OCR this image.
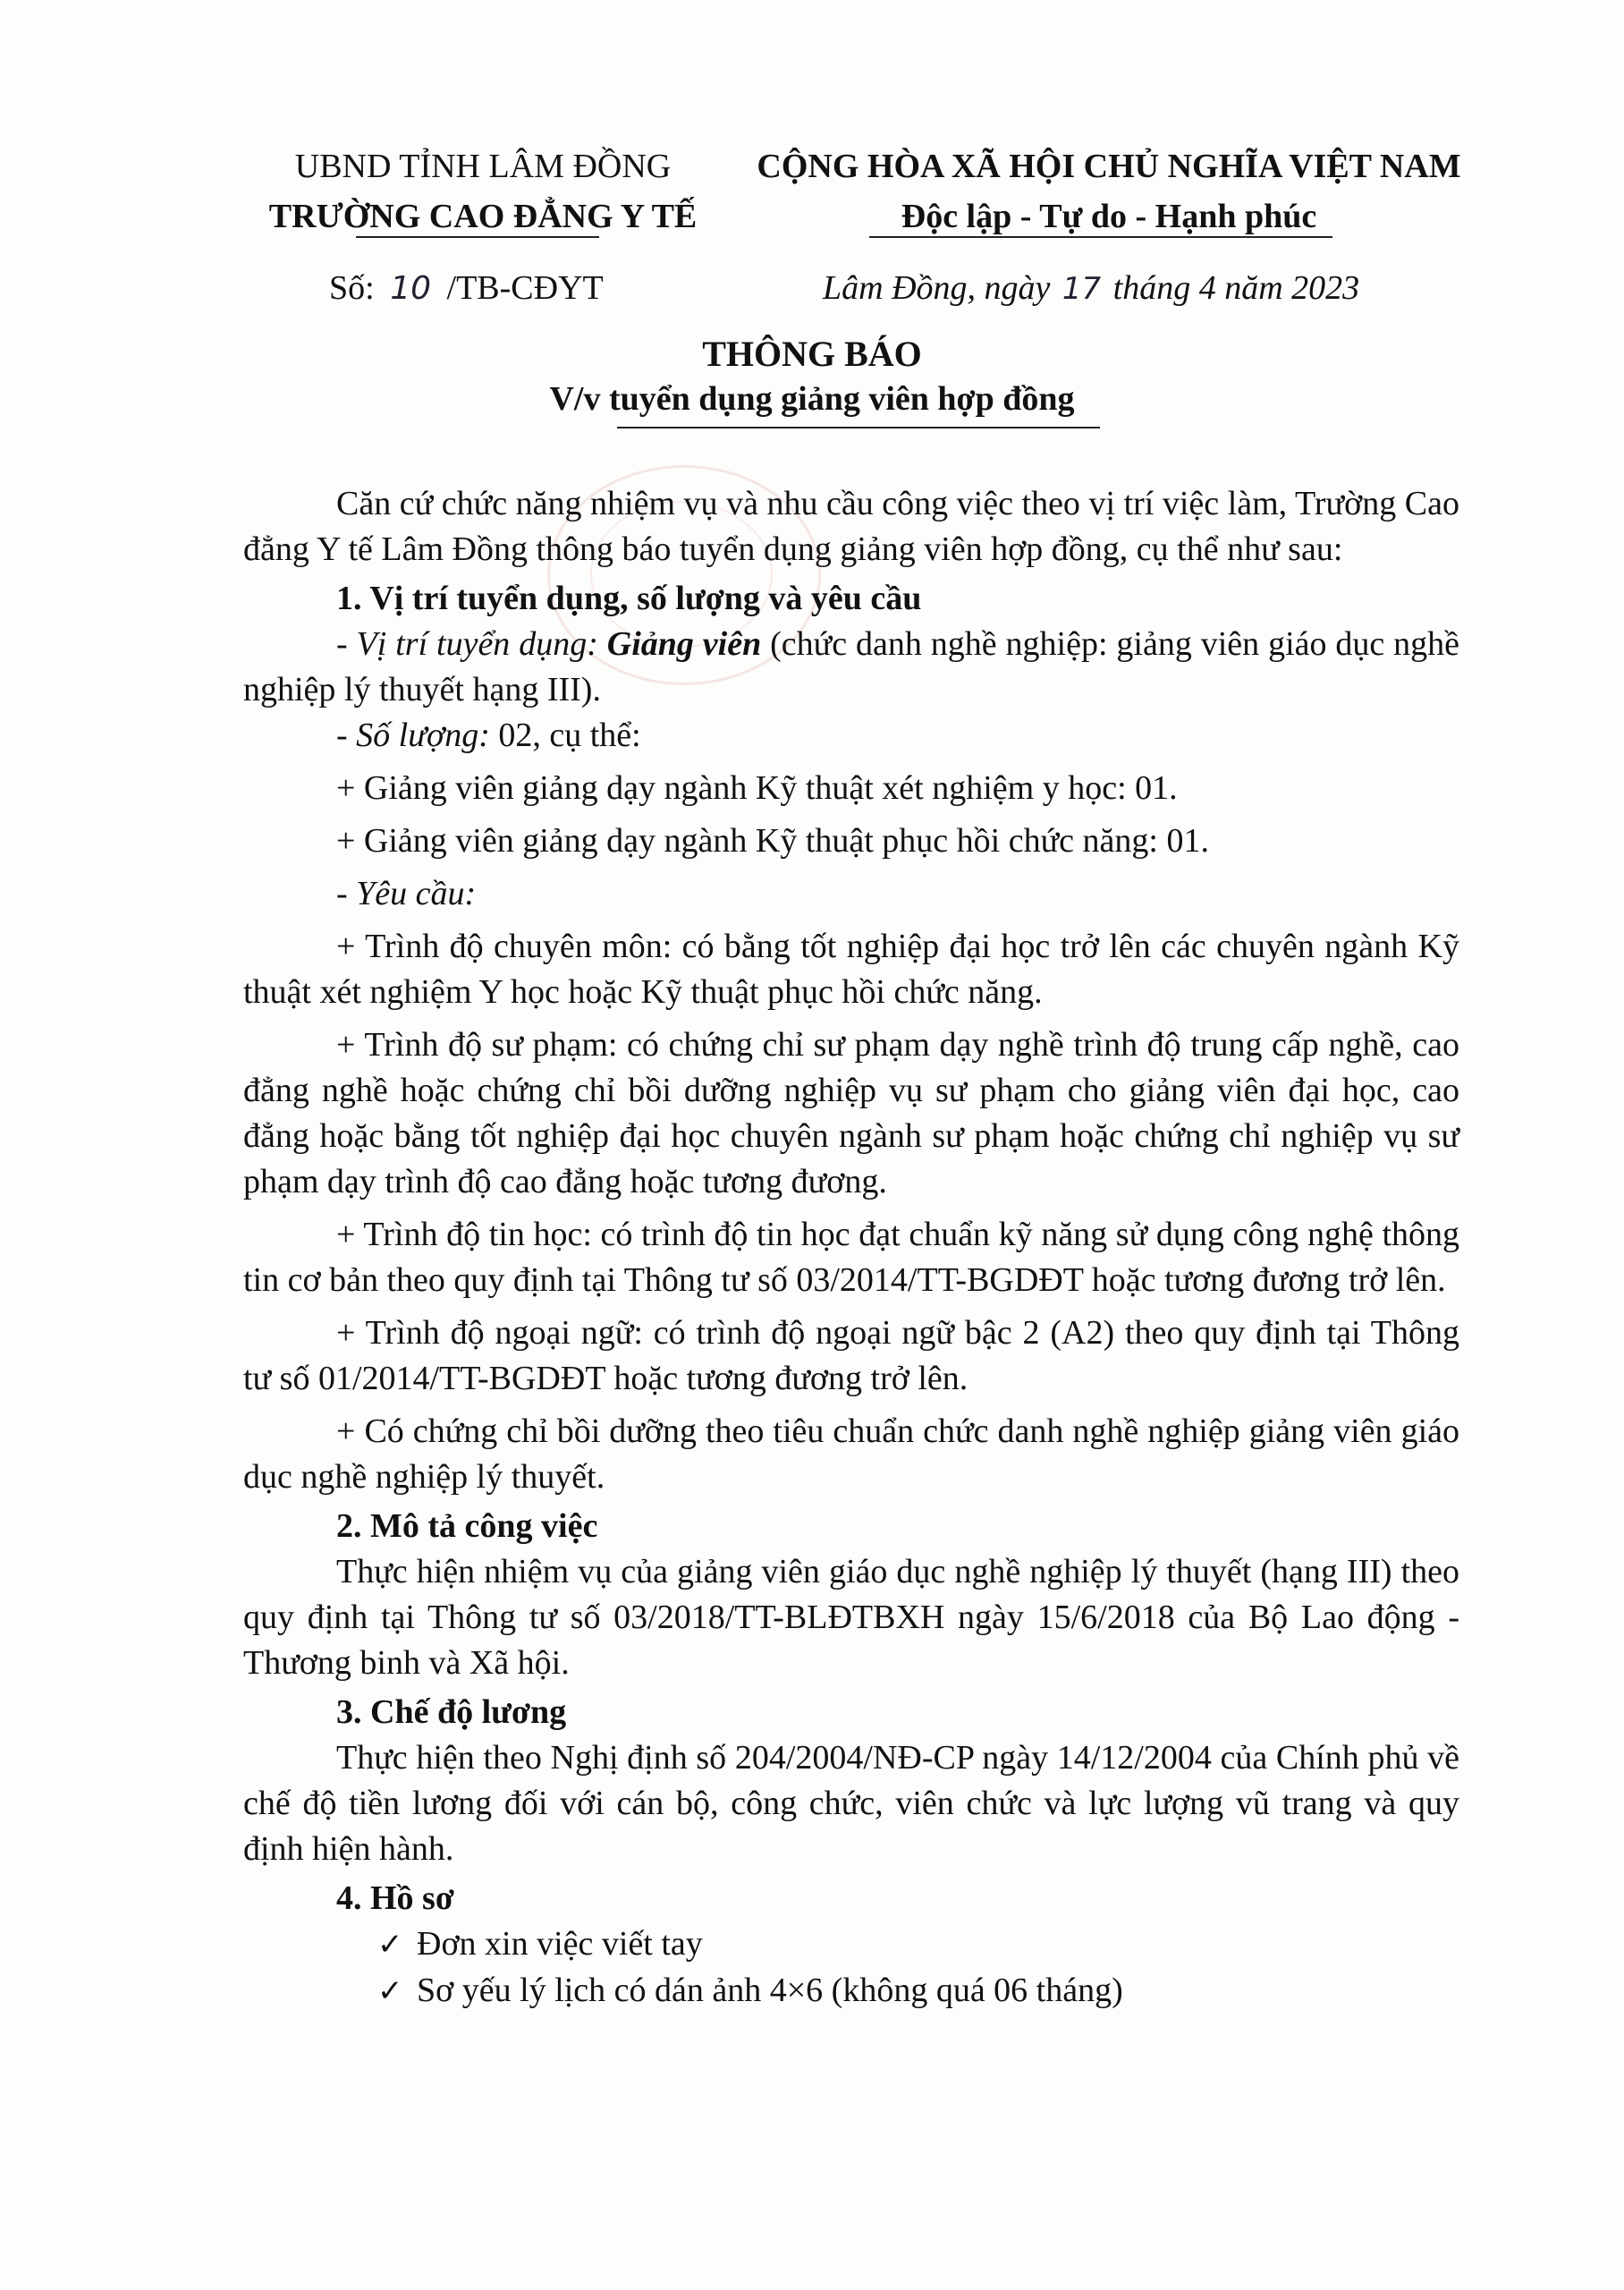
UBND TỈNH LÂM ĐỒNG
TRƯỜNG CAO ĐẲNG Y TẾ
CỘNG HÒA XÃ HỘI CHỦ NGHĨA VIỆT NAM
Độc lập - Tự do - Hạnh phúc
Số: 10 /TB-CĐYT	Lâm Đồng, ngày 17 tháng 4 năm 2023
THÔNG BÁO
V/v tuyển dụng giảng viên hợp đồng

Căn cứ chức năng nhiệm vụ và nhu cầu công việc theo vị trí việc làm, Trường Cao đẳng Y tế Lâm Đồng thông báo tuyển dụng giảng viên hợp đồng, cụ thể như sau:

1. Vị trí tuyển dụng, số lượng và yêu cầu

- Vị trí tuyển dụng: Giảng viên (chức danh nghề nghiệp: giảng viên giáo dục nghề nghiệp lý thuyết hạng III).

- Số lượng: 02, cụ thể:

+ Giảng viên giảng dạy ngành Kỹ thuật xét nghiệm y học: 01.

+ Giảng viên giảng dạy ngành Kỹ thuật phục hồi chức năng: 01.

- Yêu cầu:

+ Trình độ chuyên môn: có bằng tốt nghiệp đại học trở lên các chuyên ngành Kỹ thuật xét nghiệm Y học hoặc Kỹ thuật phục hồi chức năng.

+ Trình độ sư phạm: có chứng chỉ sư phạm dạy nghề trình độ trung cấp nghề, cao đẳng nghề hoặc chứng chỉ bồi dưỡng nghiệp vụ sư phạm cho giảng viên đại học, cao đẳng hoặc bằng tốt nghiệp đại học chuyên ngành sư phạm hoặc chứng chỉ nghiệp vụ sư phạm dạy trình độ cao đẳng hoặc tương đương.

+ Trình độ tin học: có trình độ tin học đạt chuẩn kỹ năng sử dụng công nghệ thông tin cơ bản theo quy định tại Thông tư số 03/2014/TT-BGDĐT hoặc tương đương trở lên.

+ Trình độ ngoại ngữ: có trình độ ngoại ngữ bậc 2 (A2) theo quy định tại Thông tư số 01/2014/TT-BGDĐT hoặc tương đương trở lên.

+ Có chứng chỉ bồi dưỡng theo tiêu chuẩn chức danh nghề nghiệp giảng viên giáo dục nghề nghiệp lý thuyết.

2. Mô tả công việc

Thực hiện nhiệm vụ của giảng viên giáo dục nghề nghiệp lý thuyết (hạng III) theo quy định tại Thông tư số 03/2018/TT-BLĐTBXH ngày 15/6/2018 của Bộ Lao động - Thương binh và Xã hội.

3. Chế độ lương

Thực hiện theo Nghị định số 204/2004/NĐ-CP ngày 14/12/2004 của Chính phủ về chế độ tiền lương đối với cán bộ, công chức, viên chức và lực lượng vũ trang và quy định hiện hành.

4. Hồ sơ

✓ Đơn xin việc viết tay

✓ Sơ yếu lý lịch có dán ảnh 4×6 (không quá 06 tháng)
